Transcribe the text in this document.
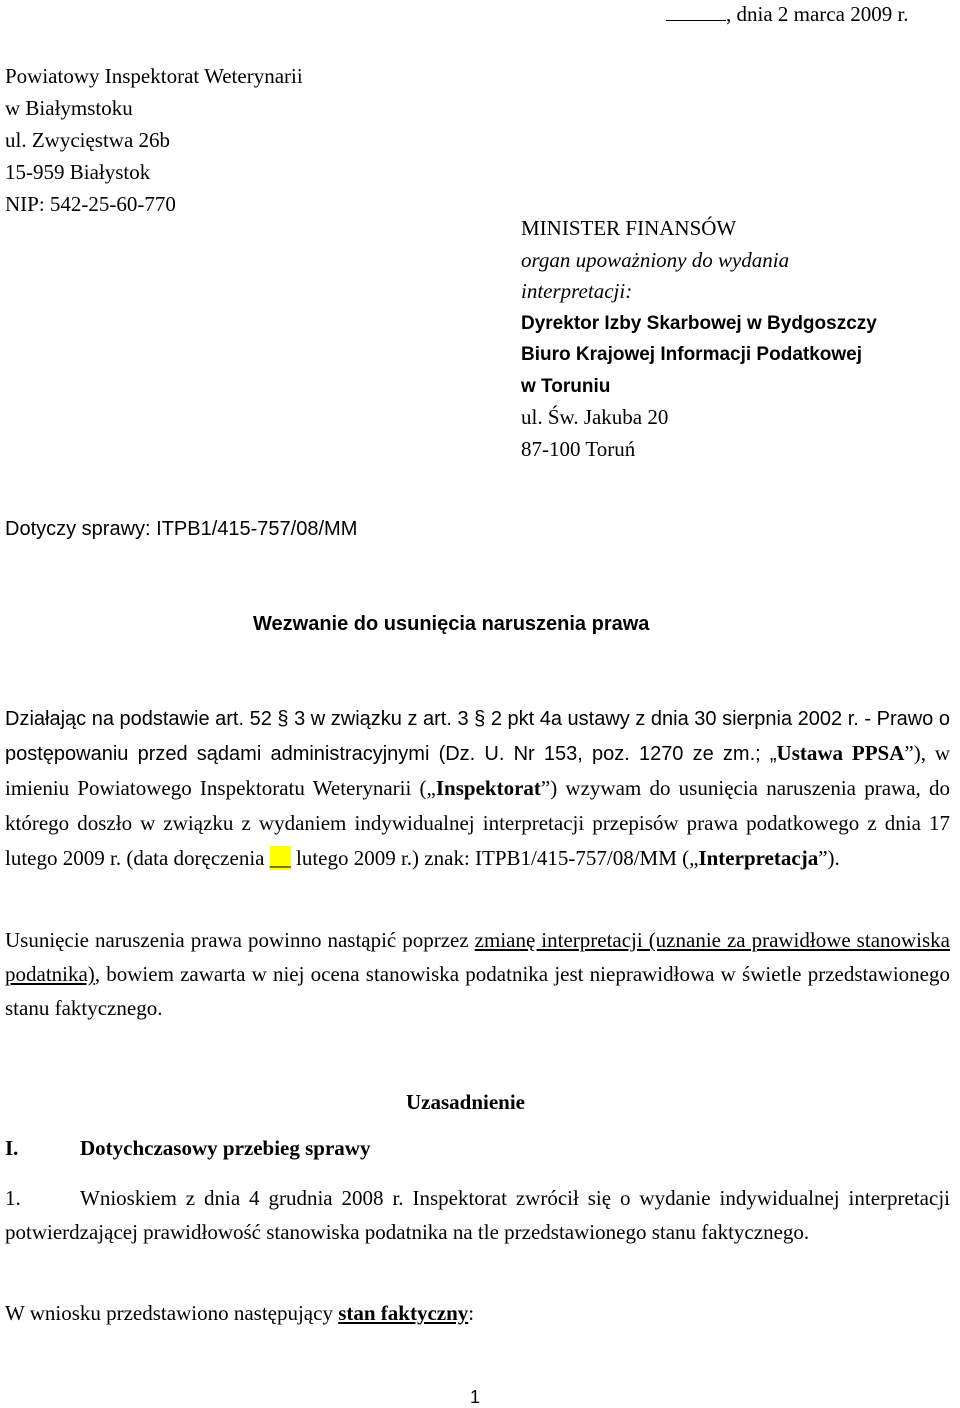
, dnia 2 marca 2009 r.
Powiatowy Inspektorat Weterynarii
w Białymstoku
ul. Zwycięstwa 26b
15-959 Białystok
NIP: 542-25-60-770
MINISTER FINANSÓW
organ upoważniony do wydania
interpretacji:
Dyrektor Izby Skarbowej w Bydgoszczy
Biuro Krajowej Informacji Podatkowej
w Toruniu
ul. Św. Jakuba 20
87-100 Toruń
Dotyczy sprawy: ITPB1/415-757/08/MM
Wezwanie do usunięcia naruszenia prawa
Działając na podstawie art. 52 § 3 w związku z art. 3 § 2 pkt 4a ustawy z dnia 30 sierpnia 2002 r. - Prawo o postępowaniu przed sądami administracyjnymi (Dz. U. Nr 153, poz. 1270 ze zm.; „Ustawa PPSA”), w imieniu Powiatowego Inspektoratu Weterynarii („Inspektorat”) wzywam do usunięcia naruszenia prawa, do którego doszło w związku z wydaniem indywidualnej interpretacji przepisów prawa podatkowego z dnia 17 lutego 2009 r. (data doręczenia __ lutego 2009 r.) znak: ITPB1/415-757/08/MM („Interpretacja”).
Usunięcie naruszenia prawa powinno nastąpić poprzez zmianę interpretacji (uznanie za prawidłowe stanowiska podatnika), bowiem zawarta w niej ocena stanowiska podatnika jest nieprawidłowa w świetle przedstawionego stanu faktycznego.
Uzasadnienie
I.	Dotychczasowy przebieg sprawy
1.	Wnioskiem z dnia 4 grudnia 2008 r. Inspektorat zwrócił się o wydanie indywidualnej interpretacji potwierdzającej prawidłowość stanowiska podatnika na tle przedstawionego stanu faktycznego.
W wniosku przedstawiono następujący stan faktyczny:
1
